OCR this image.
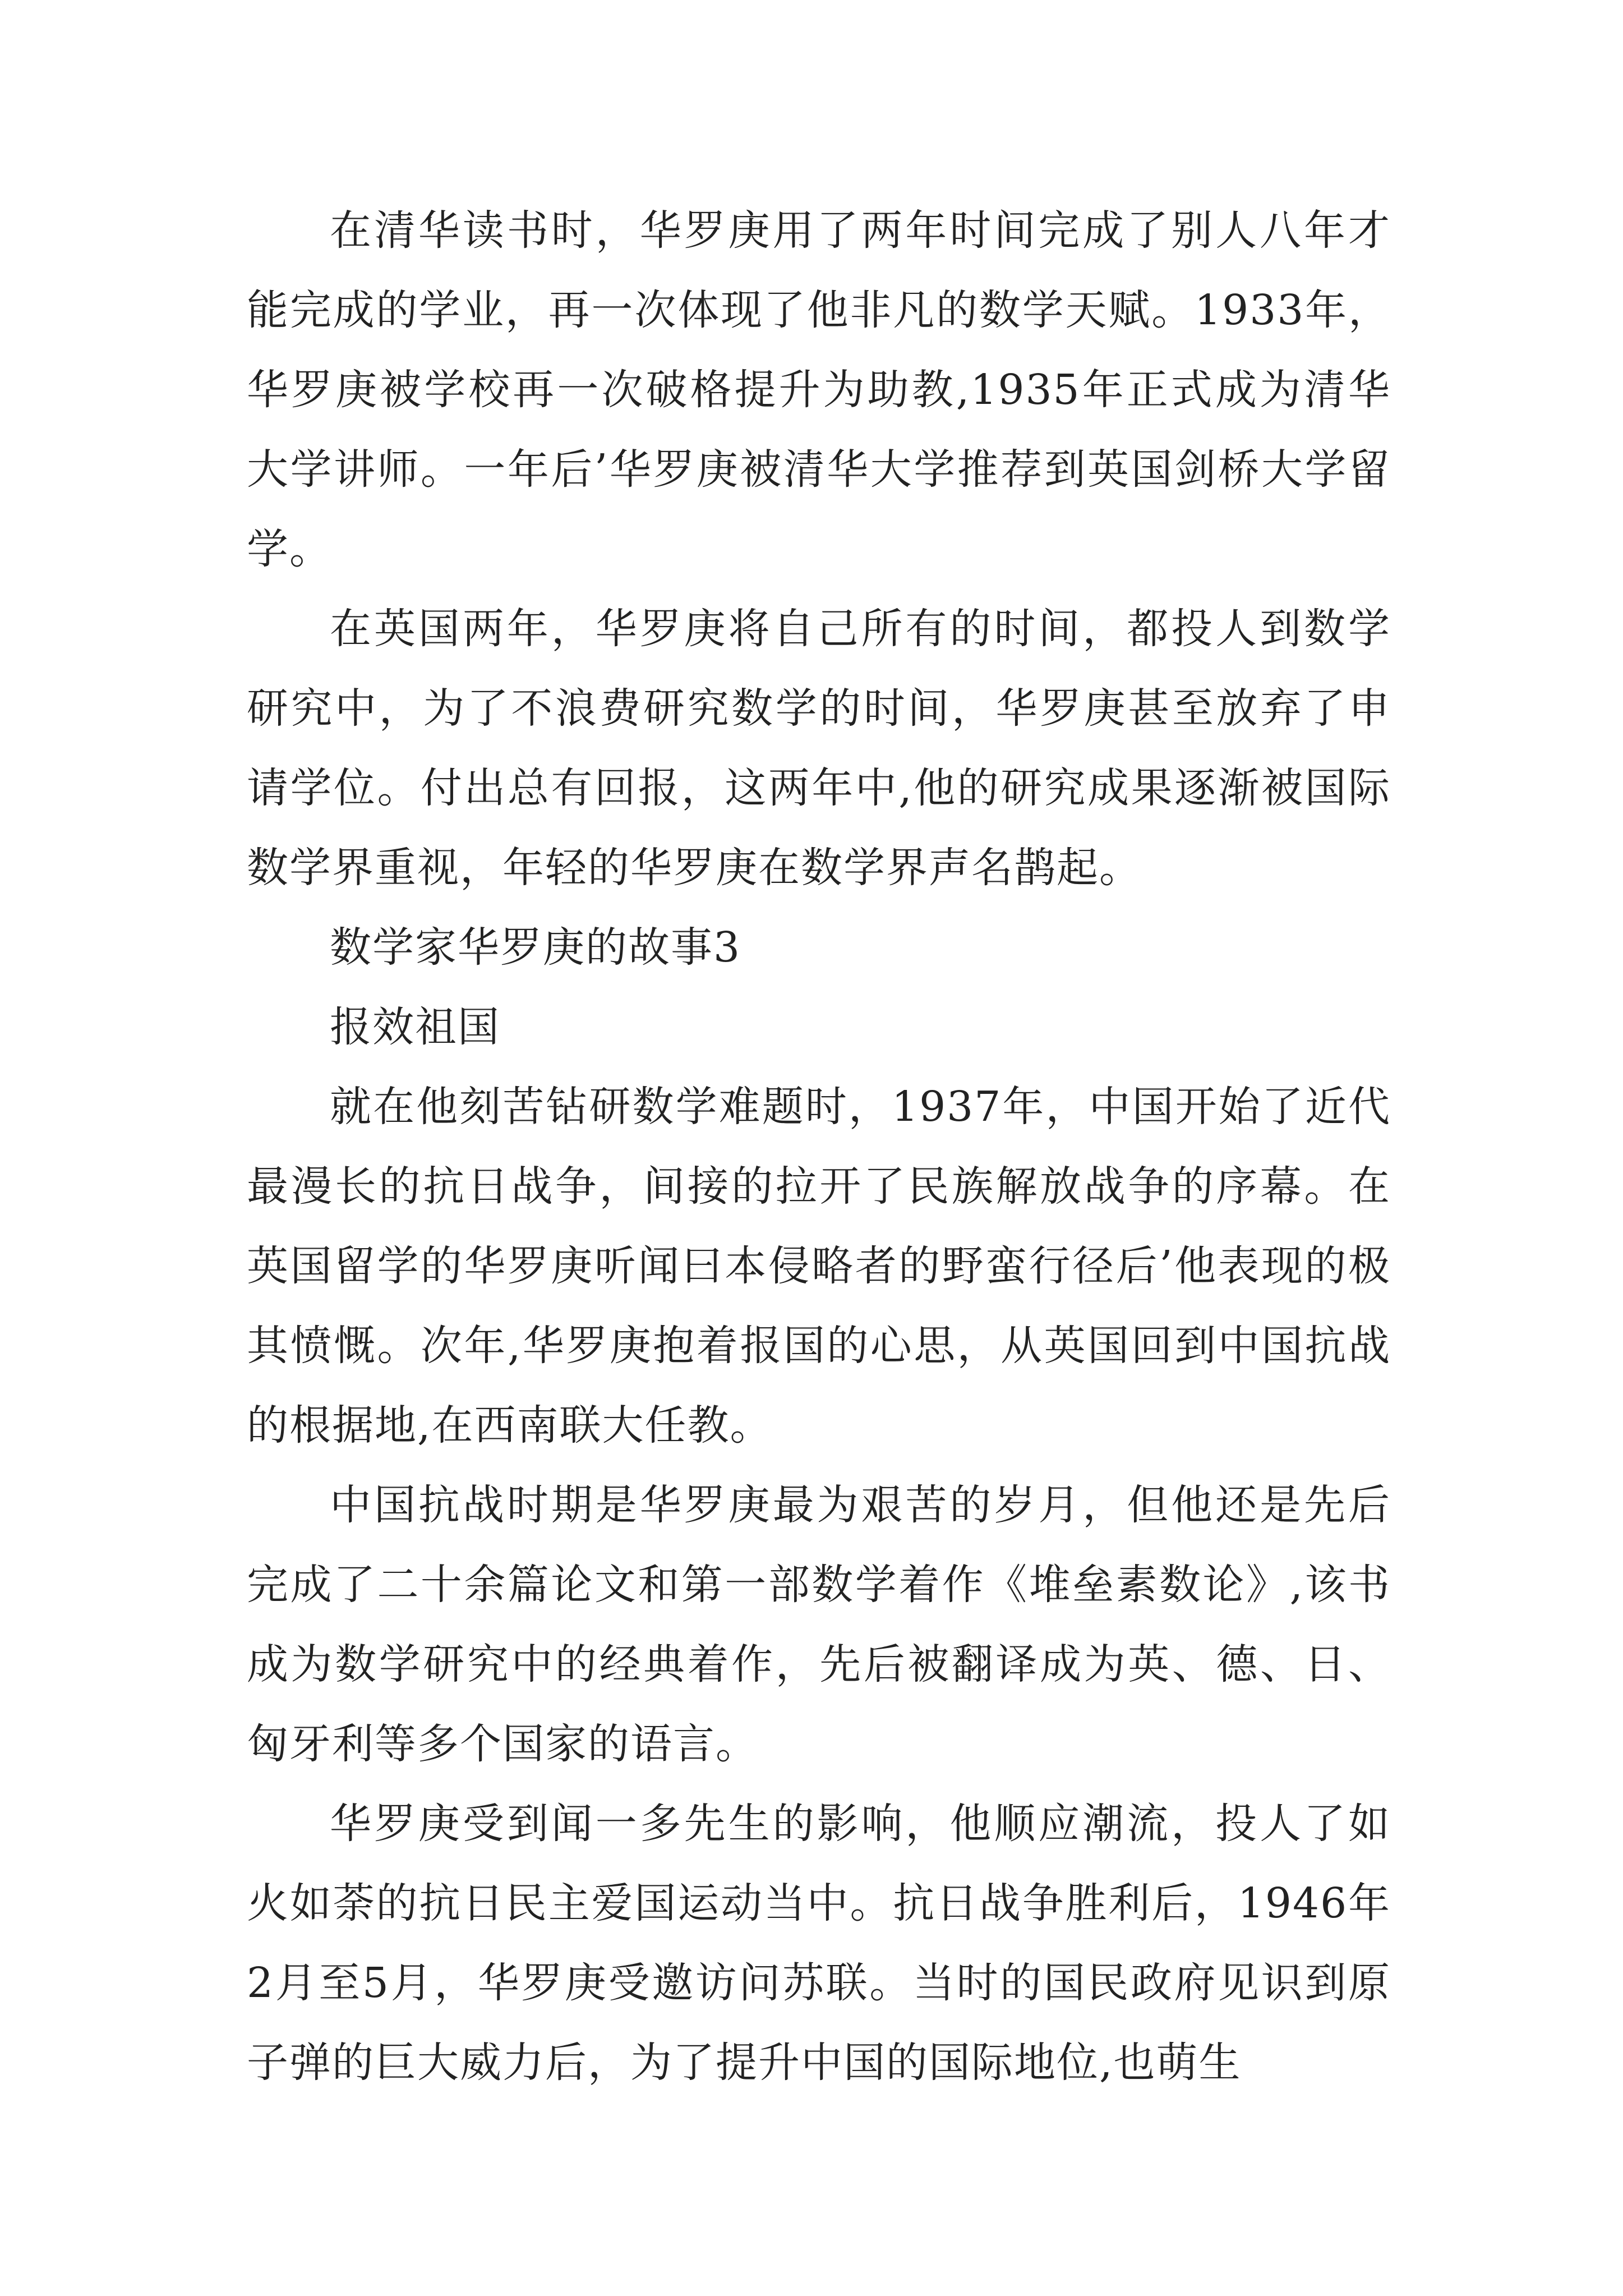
在清华读书时，华罗庚用了两年时间完成了别人八年才能完成的学业，再一次体现了他非凡的数学天赋。1933年，华罗庚被学校再一次破格提升为助教,1935年正式成为清华大学讲师。一年后’华罗庚被清华大学推荐到英国剑桥大学留学。

在英国两年，华罗庚将自己所有的时间，都投人到数学研究中，为了不浪费研究数学的时间，华罗庚甚至放弃了申请学位。付出总有回报，这两年中,他的研究成果逐渐被国际数学界重视，年轻的华罗庚在数学界声名鹊起。

数学家华罗庚的故事3

报效祖国

就在他刻苦钻研数学难题时，1937年，中国开始了近代最漫长的抗日战争，间接的拉开了民族解放战争的序幕。在英国留学的华罗庚听闻曰本侵略者的野蛮行径后’他表现的极其愤慨。次年,华罗庚抱着报国的心思，从英国回到中国抗战的根据地,在西南联大任教。

中国抗战时期是华罗庚最为艰苦的岁月，但他还是先后完成了二十余篇论文和第一部数学着作《堆垒素数论》,该书成为数学研究中的经典着作，先后被翻译成为英、德、日、匈牙利等多个国家的语言。

华罗庚受到闻一多先生的影响，他顺应潮流，投人了如火如荼的抗日民主爱国运动当中。抗日战争胜利后，1946年2月至5月，华罗庚受邀访问苏联。当时的国民政府见识到原子弹的巨大威力后，为了提升中国的国际地位,也萌生
